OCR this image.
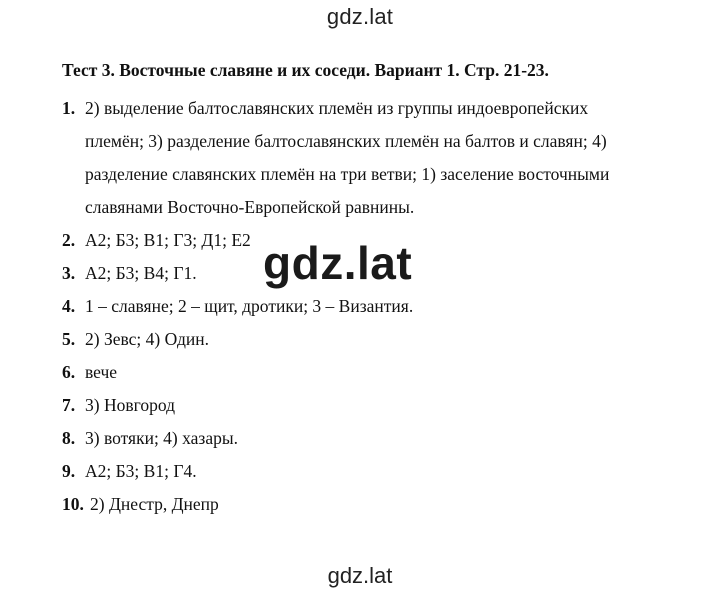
gdz.lat
Тест 3. Восточные славяне и их соседи. Вариант 1. Стр. 21-23.
1. 2) выделение балтославянских племён из группы индоевропейских
племён; 3) разделение балтославянских племён на балтов и славян; 4)
разделение славянских племён на три ветви; 1) заселение восточными
славянами Восточно-Европейской равнины.
2. А2; Б3; В1; Г3; Д1; Е2
3. А2; Б3; В4; Г1.
4. 1 – славяне; 2 – щит, дротики; 3 – Византия.
5. 2) Зевс; 4) Один.
6. вече
7. 3) Новгород
8. 3) вотяки; 4) хазары.
9. А2; Б3; В1; Г4.
10. 2) Днестр, Днепр
gdz.lat
gdz.lat
